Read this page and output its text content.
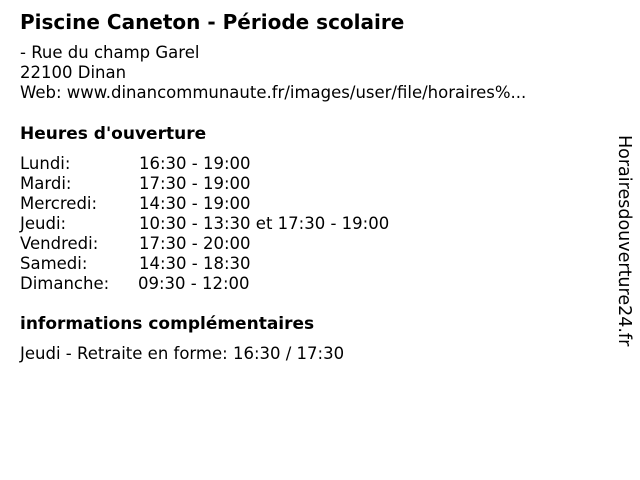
Piscine Caneton - Période scolaire
- Rue du champ Garel
22100 Dinan
Web: www.dinancommunaute.fr/images/user/file/horaires%...
Heures d'ouverture
Lundi:	16:30 - 19:00
Mardi:	17:30 - 19:00
Mercredi:	14:30 - 19:00
Jeudi:	10:30 - 13:30 et 17:30 - 19:00
Vendredi: 17:30 - 20:00
Samedi:	14:30 - 18:30
Dimanche: 09:30 - 12:00
informations complémentaires
Jeudi - Retraite en forme: 16:30 / 17:30
Horairesdouverture24.fr
